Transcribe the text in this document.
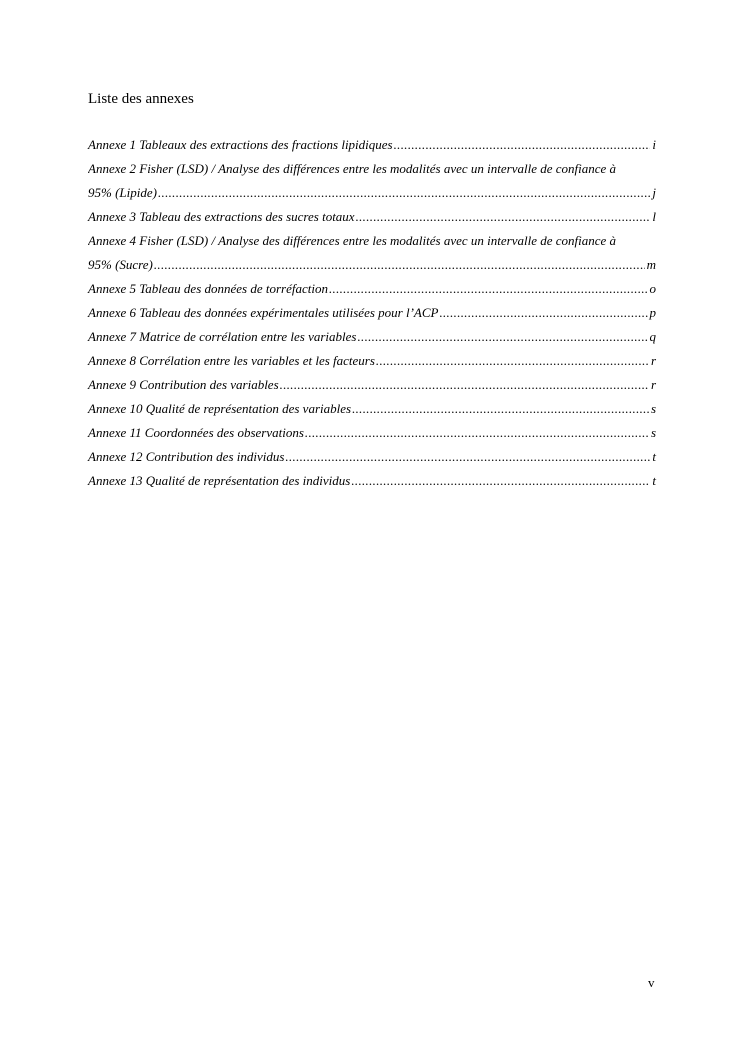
Liste des annexes
Annexe 1 Tableaux des extractions des fractions lipidiques .....	i
Annexe 2 Fisher (LSD) / Analyse des différences entre les modalités avec un intervalle de confiance à
95% (Lipide) .....	j
Annexe 3 Tableau des extractions des sucres totaux .....	l
Annexe 4 Fisher (LSD) / Analyse des différences entre les modalités avec un intervalle de confiance à
95% (Sucre) .....	m
Annexe 5 Tableau des données de torréfaction .....	o
Annexe 6 Tableau des données expérimentales utilisées pour l’ACP .....	p
Annexe 7 Matrice de corrélation entre les variables .....	q
Annexe 8 Corrélation entre les variables et les facteurs .....	r
Annexe 9 Contribution des variables .....	r
Annexe 10 Qualité de représentation des variables .....	s
Annexe 11 Coordonnées des observations .....	s
Annexe 12 Contribution des individus .....	t
Annexe 13 Qualité de représentation des individus .....	t
v
